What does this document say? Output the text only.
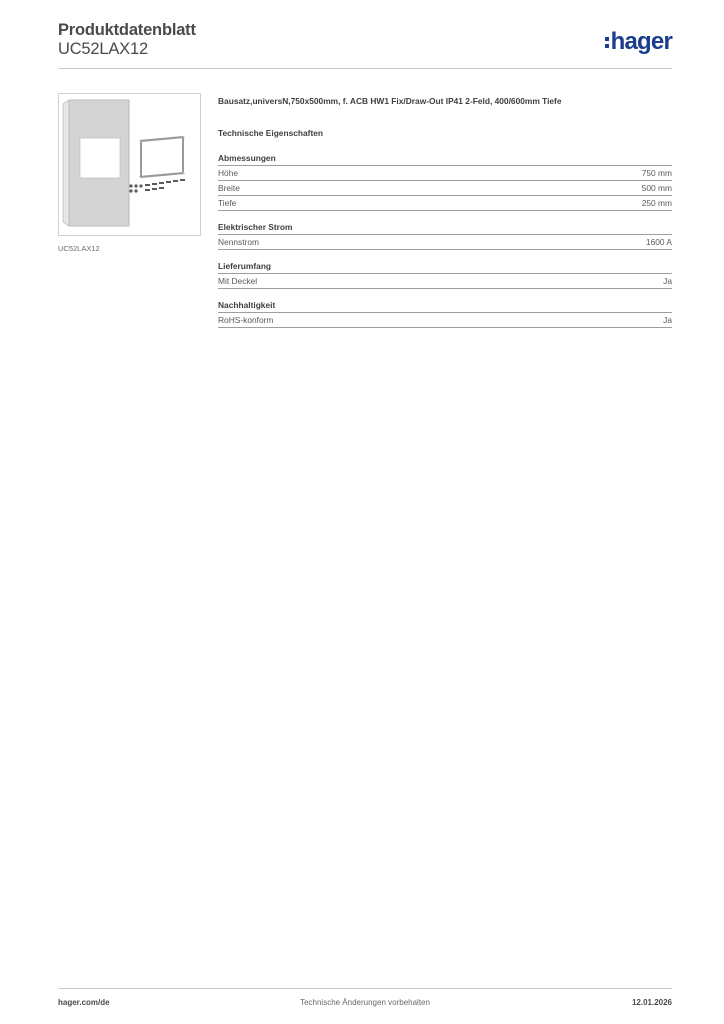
Produktdatenblatt
UC52LAX12	hager
UC52LAX12
Bausatz,universN,750x500mm, f. ACB HW1 Fix/Draw-Out IP41 2-Feld, 400/600mm Tiefe
Technische Eigenschaften
Abmessungen
Höhe	750 mm
Breite	500 mm
Tiefe	250 mm
Elektrischer Strom
Nennstrom	1600 A
Lieferumfang
Mit Deckel	Ja
Nachhaltigkeit
RoHS-konform	Ja
Technische Änderungen vorbehalten
hager.com/de	12.01.2026
